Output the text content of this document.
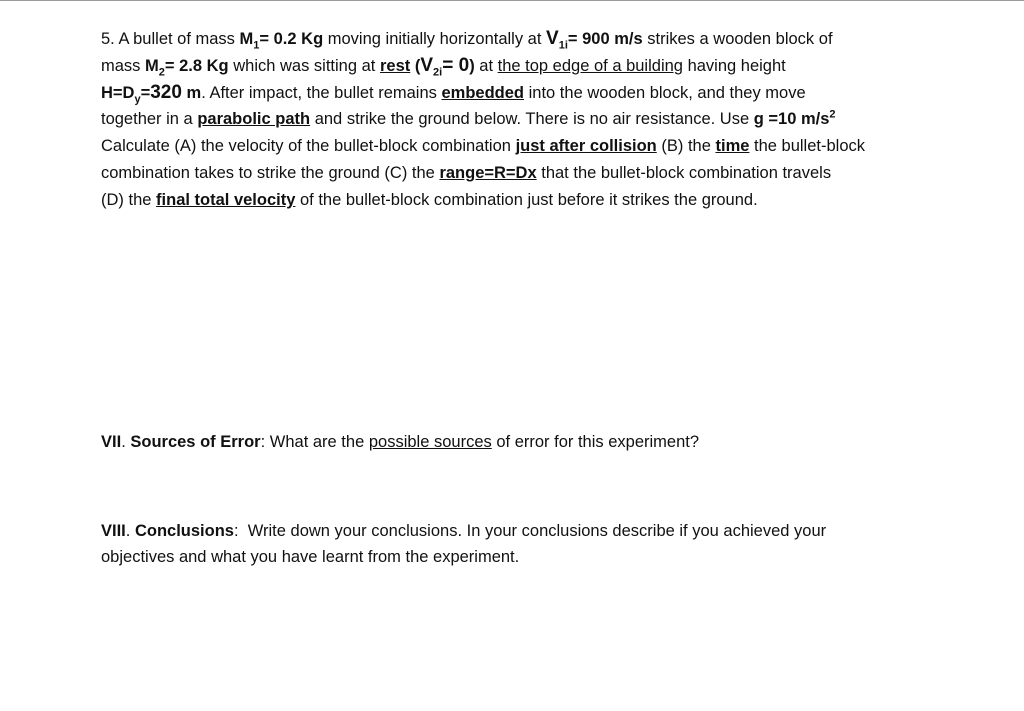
5. A bullet of mass $M_1= 0.2$ Kg moving initially horizontally at $V_{1i}= 900$ m/s strikes a wooden block of

mass $M_2= 2.8$ Kg which was sitting at rest $(V_{2i}= 0)$ at the top edge of a building having height

$H=D_y=320$ m. After impact, the bullet remains embedded into the wooden block, and they move

together in a parabolic path and strike the ground below. There is no air resistance. Use g =10 $m/s^2$

Calculate (A) the velocity of the bullet-block combination just after collision (B) the time the bullet-block

combination takes to strike the ground (C) the range=R=Dx that the bullet-block combination travels

(D) the final total velocity of the bullet-block combination just before it strikes the ground.

VII. Sources of Error: What are the possible sources of error for this experiment?

VIII. Conclusions: Write down your conclusions. In your conclusions describe if you achieved your

objectives and what you have learnt from the experiment.
